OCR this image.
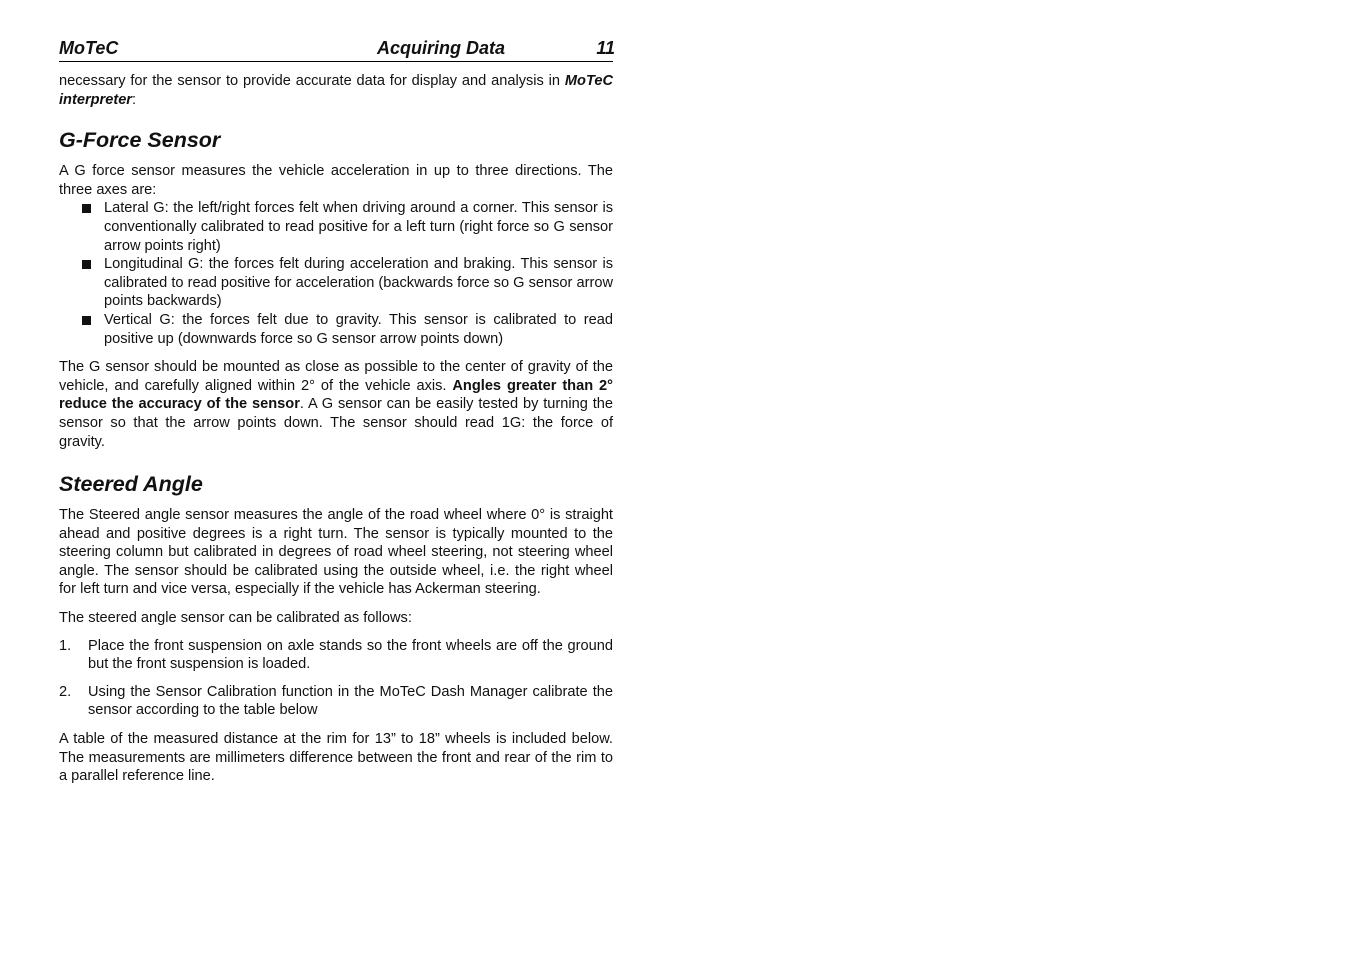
MoTeC	Acquiring Data	11

necessary for the sensor to provide accurate data for display and analysis in MoTeC interpreter:

G-Force Sensor

A G force sensor measures the vehicle acceleration in up to three directions. The three axes are:

Lateral G: the left/right forces felt when driving around a corner. This sensor is conventionally calibrated to read positive for a left turn (right force so G sensor arrow points right)
Longitudinal G: the forces felt during acceleration and braking. This sensor is calibrated to read positive for acceleration (backwards force so G sensor arrow points backwards)
Vertical G: the forces felt due to gravity. This sensor is calibrated to read positive up (downwards force so G sensor arrow points down)

The G sensor should be mounted as close as possible to the center of gravity of the vehicle, and carefully aligned within 2° of the vehicle axis. Angles greater than 2° reduce the accuracy of the sensor. A G sensor can be easily tested by turning the sensor so that the arrow points down. The sensor should read 1G: the force of gravity.

Steered Angle

The Steered angle sensor measures the angle of the road wheel where 0° is straight ahead and positive degrees is a right turn. The sensor is typically mounted to the steering column but calibrated in degrees of road wheel steering, not steering wheel angle. The sensor should be calibrated using the outside wheel, i.e. the right wheel for left turn and vice versa, especially if the vehicle has Ackerman steering.

The steered angle sensor can be calibrated as follows:

1. Place the front suspension on axle stands so the front wheels are off the ground but the front suspension is loaded.
2. Using the Sensor Calibration function in the MoTeC Dash Manager calibrate the sensor according to the table below

A table of the measured distance at the rim for 13” to 18” wheels is included below. The measurements are millimeters difference between the front and rear of the rim to a parallel reference line.
